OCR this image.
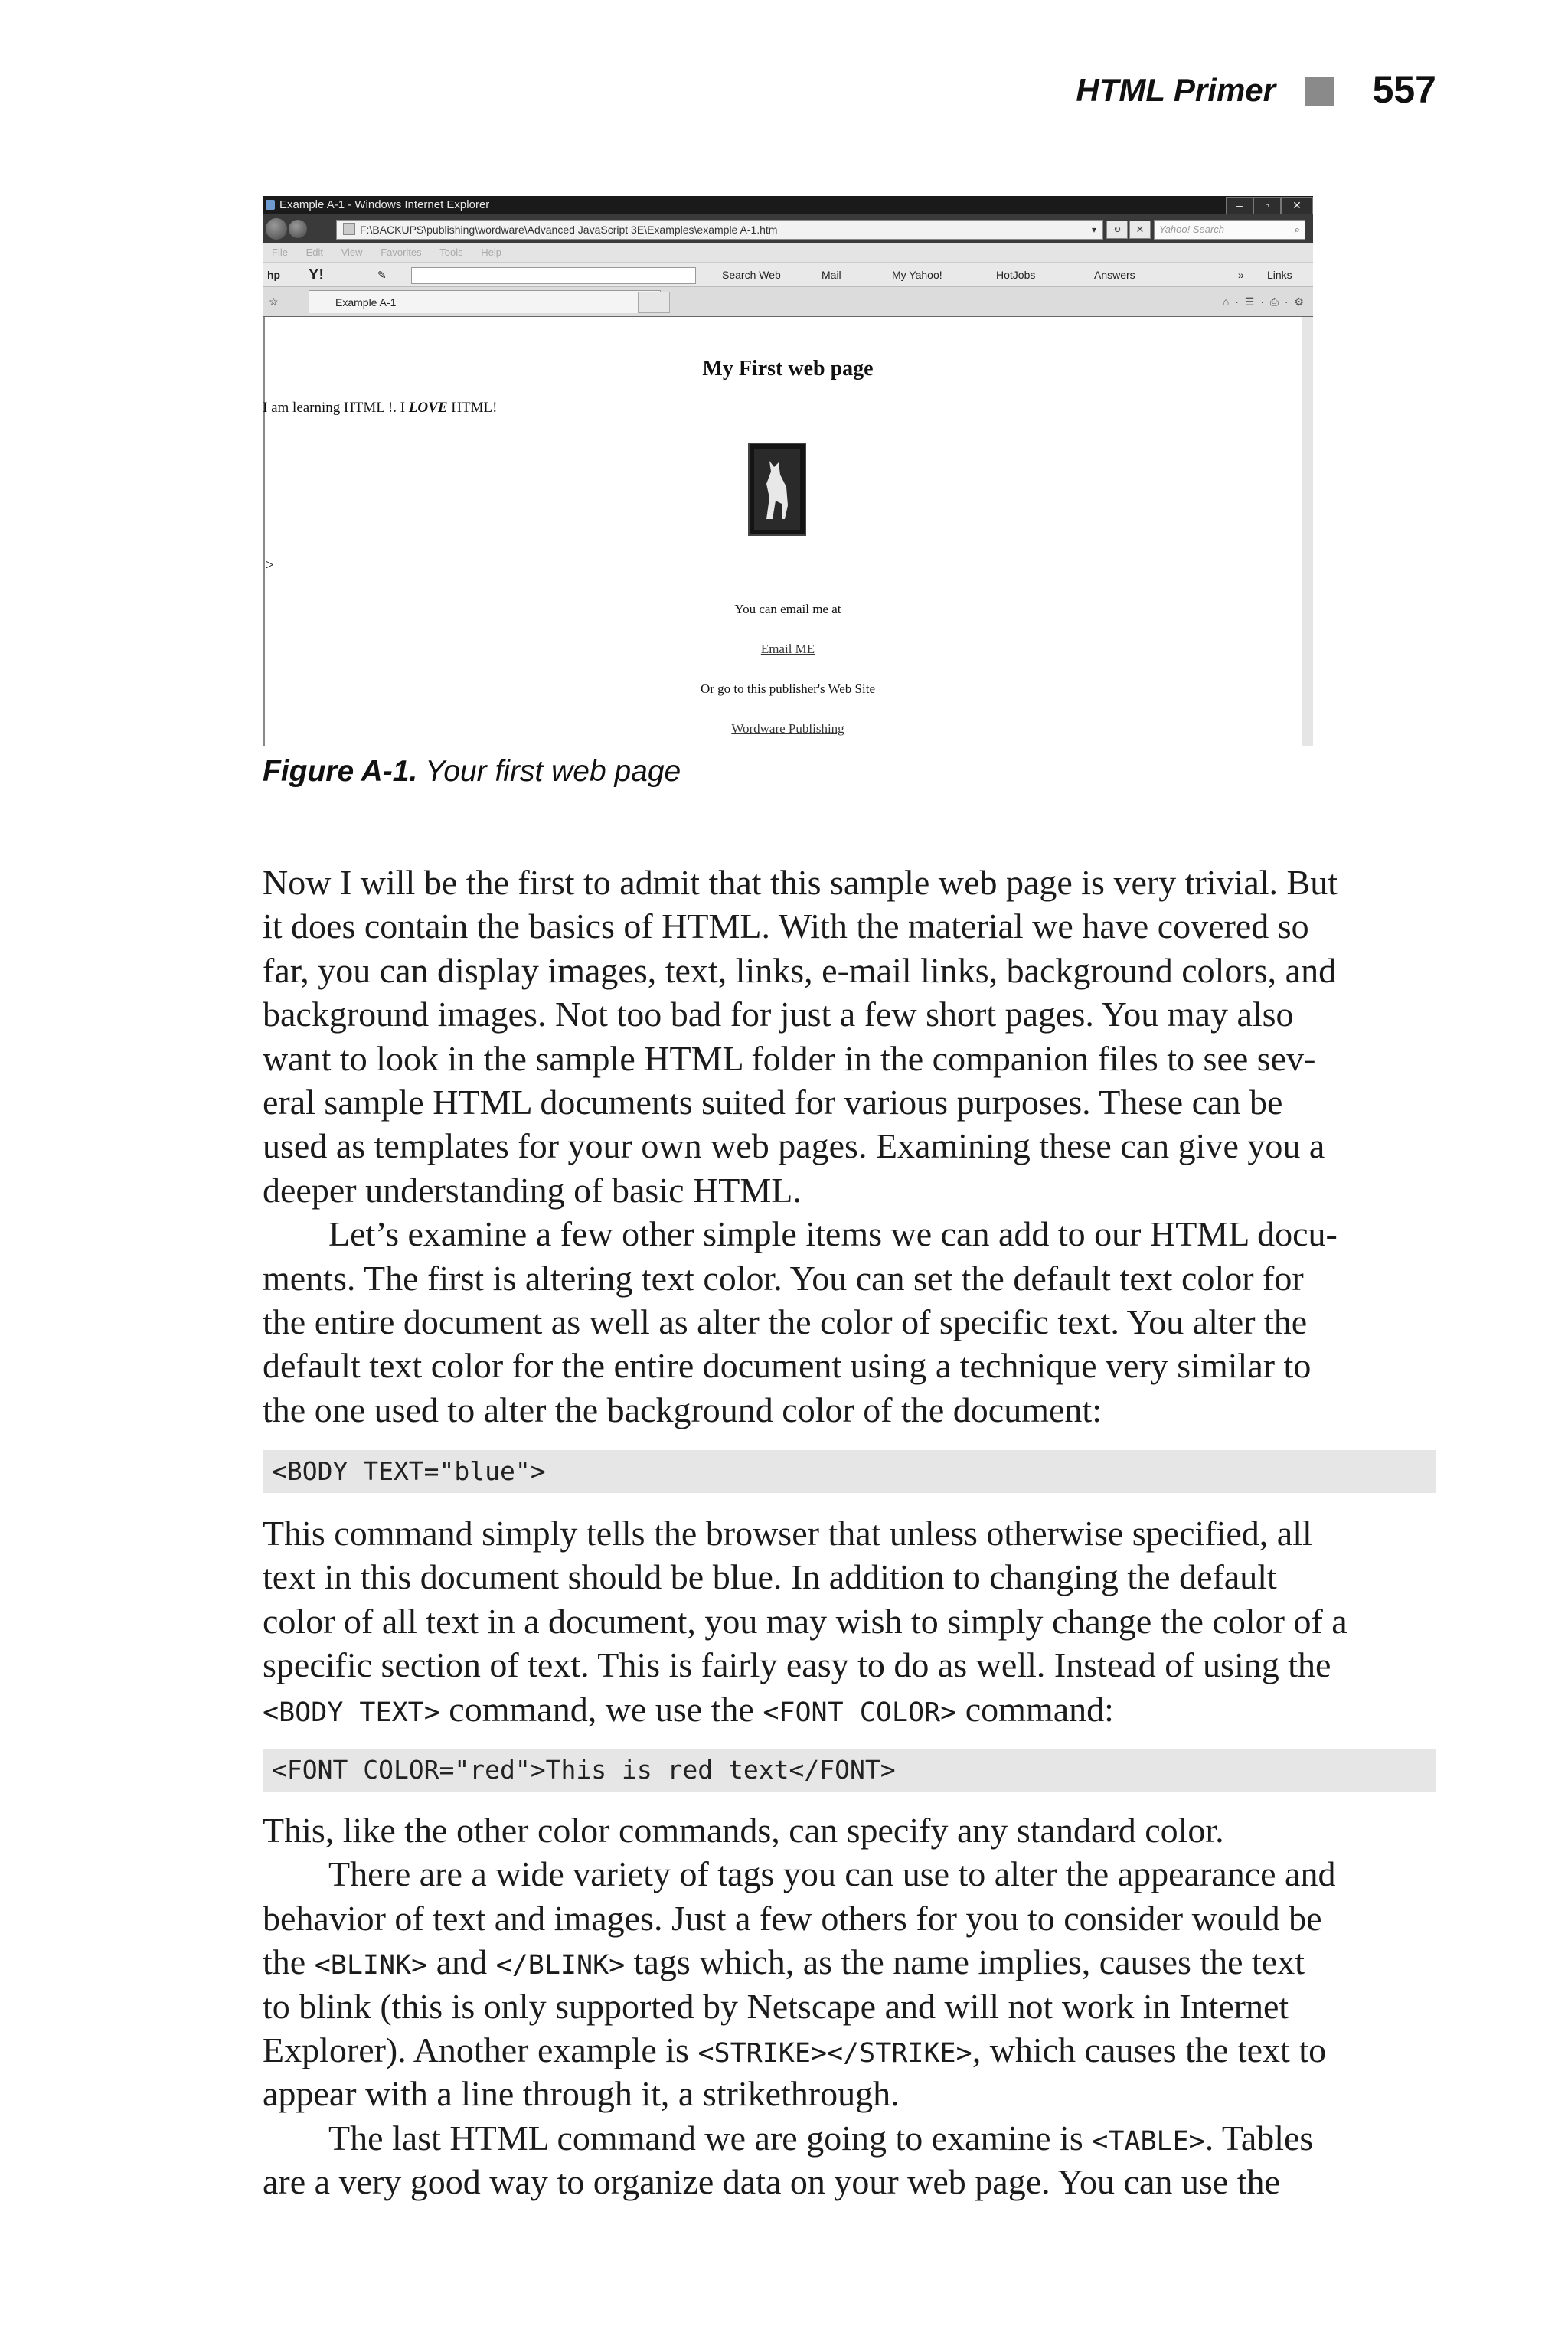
HTML Primer	557
Example A-1 - Windows Internet Explorer	–	▫	✕
F:\BACKUPS\publishing\wordware\Advanced JavaScript 3E\Examples\example A-1.htm	▾	↻	✕	Yahoo! Search	⌕
File Edit View Favorites Tools Help
hp Y!	✎	Search Web	Mail	My Yahoo!	HotJobs	Answers	» Links
☆	Example A-1	⌂ · ☰ · ⎙ · ⚙
My First web page
I am learning HTML !. I LOVE HTML!
>
You can email me at
Email ME
Or go to this publisher's Web Site
Wordware Publishing
Figure A-1. Your first web page
Now I will be the first to admit that this sample web page is very trivial. But
it does contain the basics of HTML. With the material we have covered so
far, you can display images, text, links, e-mail links, background colors, and
background images. Not too bad for just a few short pages. You may also
want to look in the sample HTML folder in the companion files to see sev-
eral sample HTML documents suited for various purposes. These can be
used as templates for your own web pages. Examining these can give you a
deeper understanding of basic HTML.
Let’s examine a few other simple items we can add to our HTML docu-
ments. The first is altering text color. You can set the default text color for
the entire document as well as alter the color of specific text. You alter the
default text color for the entire document using a technique very similar to
the one used to alter the background color of the document:
<BODY TEXT="blue">
This command simply tells the browser that unless otherwise specified, all
text in this document should be blue. In addition to changing the default
color of all text in a document, you may wish to simply change the color of a
specific section of text. This is fairly easy to do as well. Instead of using the
<BODY TEXT> command, we use the <FONT COLOR> command:
<FONT COLOR="red">This is red text</FONT>
This, like the other color commands, can specify any standard color.
There are a wide variety of tags you can use to alter the appearance and
behavior of text and images. Just a few others for you to consider would be
the <BLINK> and </BLINK> tags which, as the name implies, causes the text
to blink (this is only supported by Netscape and will not work in Internet
Explorer). Another example is <STRIKE></STRIKE>, which causes the text to
appear with a line through it, a strikethrough.
The last HTML command we are going to examine is <TABLE>. Tables
are a very good way to organize data on your web page. You can use the
